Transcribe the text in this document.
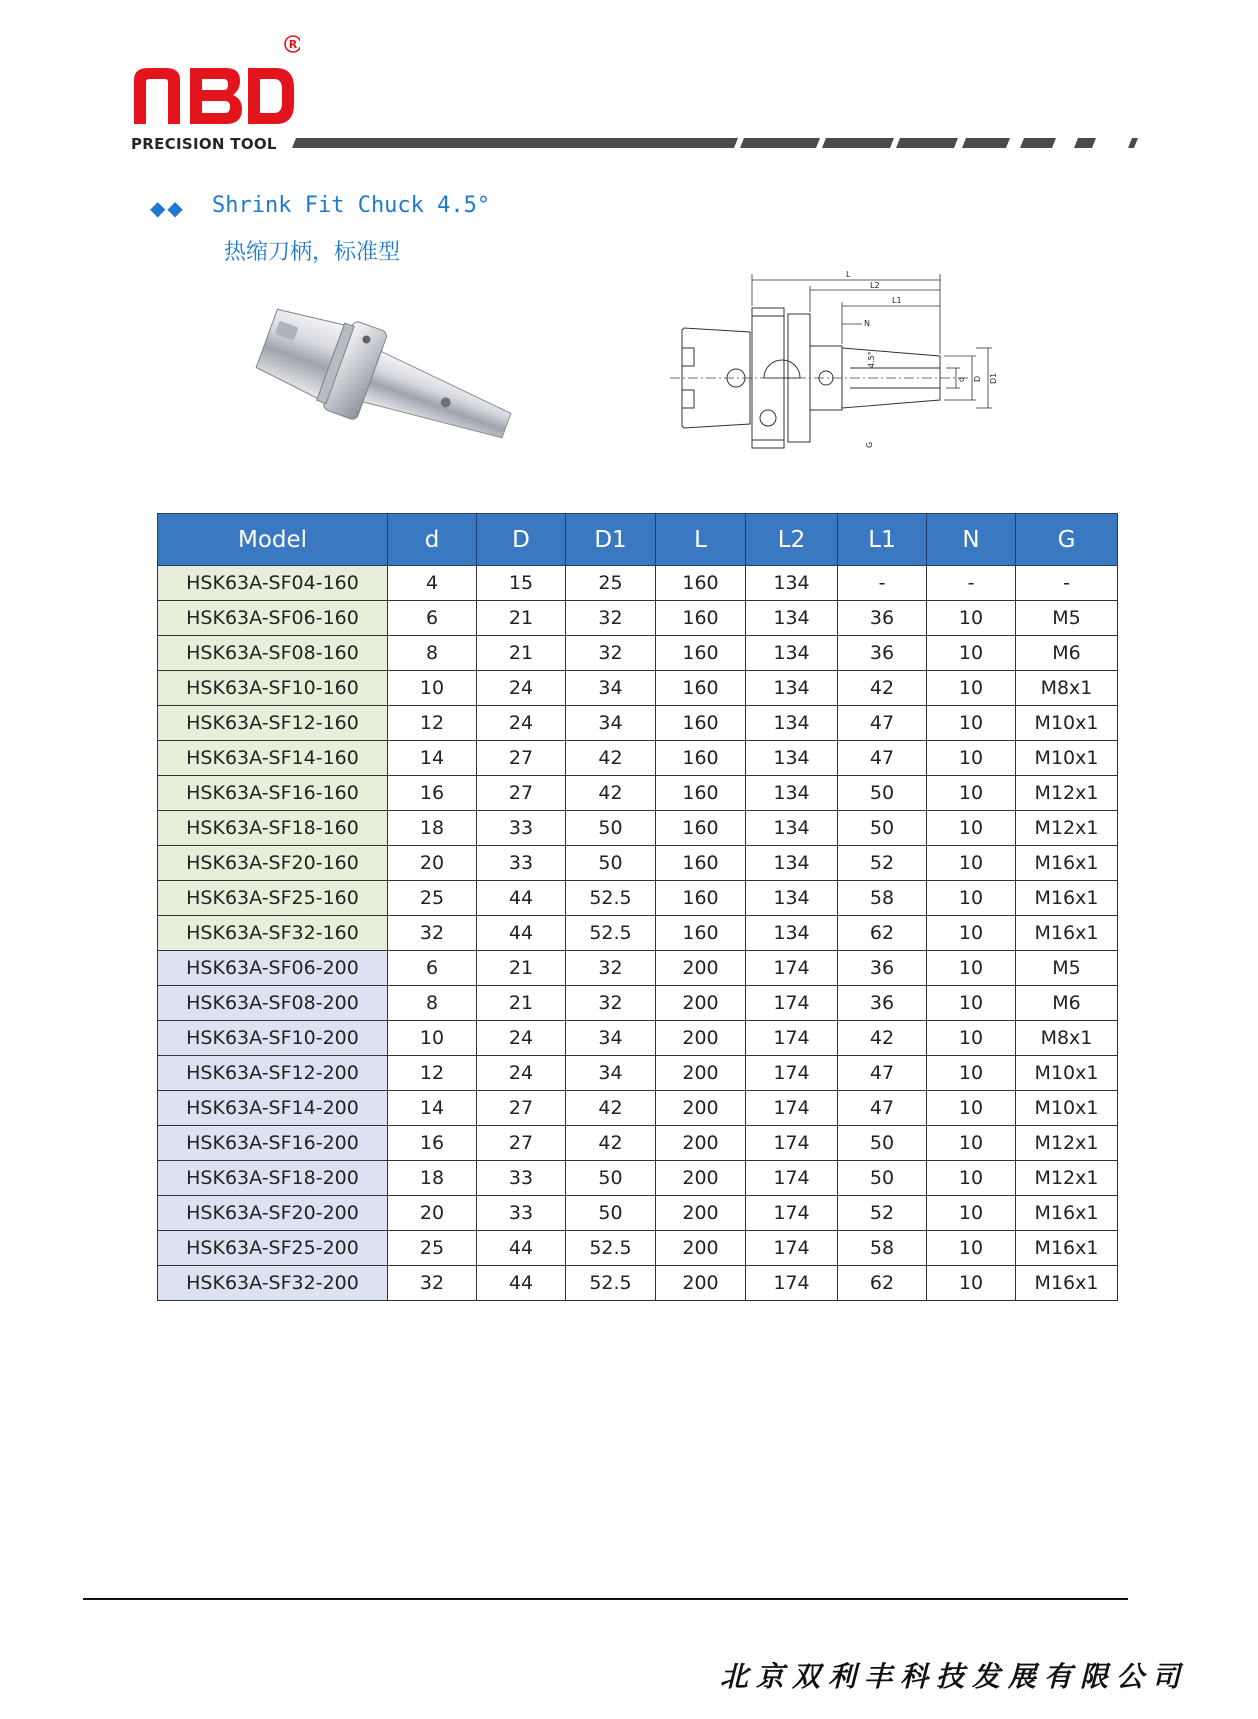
R
PRECISION TOOL
◆◆ Shrink Fit Chuck 4.5°
热缩刀柄，标准型
L
L2
L1
N
4.5°
d D D1
G
Model	d	D	D1	L	L2	L1	N	G
HSK63A-SF04-160	4	15	25	160	134	-	-	-
HSK63A-SF06-160	6	21	32	160	134	36	10	M5
HSK63A-SF08-160	8	21	32	160	134	36	10	M6
HSK63A-SF10-160	10	24	34	160	134	42	10	M8x1
HSK63A-SF12-160	12	24	34	160	134	47	10	M10x1
HSK63A-SF14-160	14	27	42	160	134	47	10	M10x1
HSK63A-SF16-160	16	27	42	160	134	50	10	M12x1
HSK63A-SF18-160	18	33	50	160	134	50	10	M12x1
HSK63A-SF20-160	20	33	50	160	134	52	10	M16x1
HSK63A-SF25-160	25	44	52.5	160	134	58	10	M16x1
HSK63A-SF32-160	32	44	52.5	160	134	62	10	M16x1
HSK63A-SF06-200	6	21	32	200	174	36	10	M5
HSK63A-SF08-200	8	21	32	200	174	36	10	M6
HSK63A-SF10-200	10	24	34	200	174	42	10	M8x1
HSK63A-SF12-200	12	24	34	200	174	47	10	M10x1
HSK63A-SF14-200	14	27	42	200	174	47	10	M10x1
HSK63A-SF16-200	16	27	42	200	174	50	10	M12x1
HSK63A-SF18-200	18	33	50	200	174	50	10	M12x1
HSK63A-SF20-200	20	33	50	200	174	52	10	M16x1
HSK63A-SF25-200	25	44	52.5	200	174	58	10	M16x1
HSK63A-SF32-200	32	44	52.5	200	174	62	10	M16x1
北京双利丰科技发展有限公司
